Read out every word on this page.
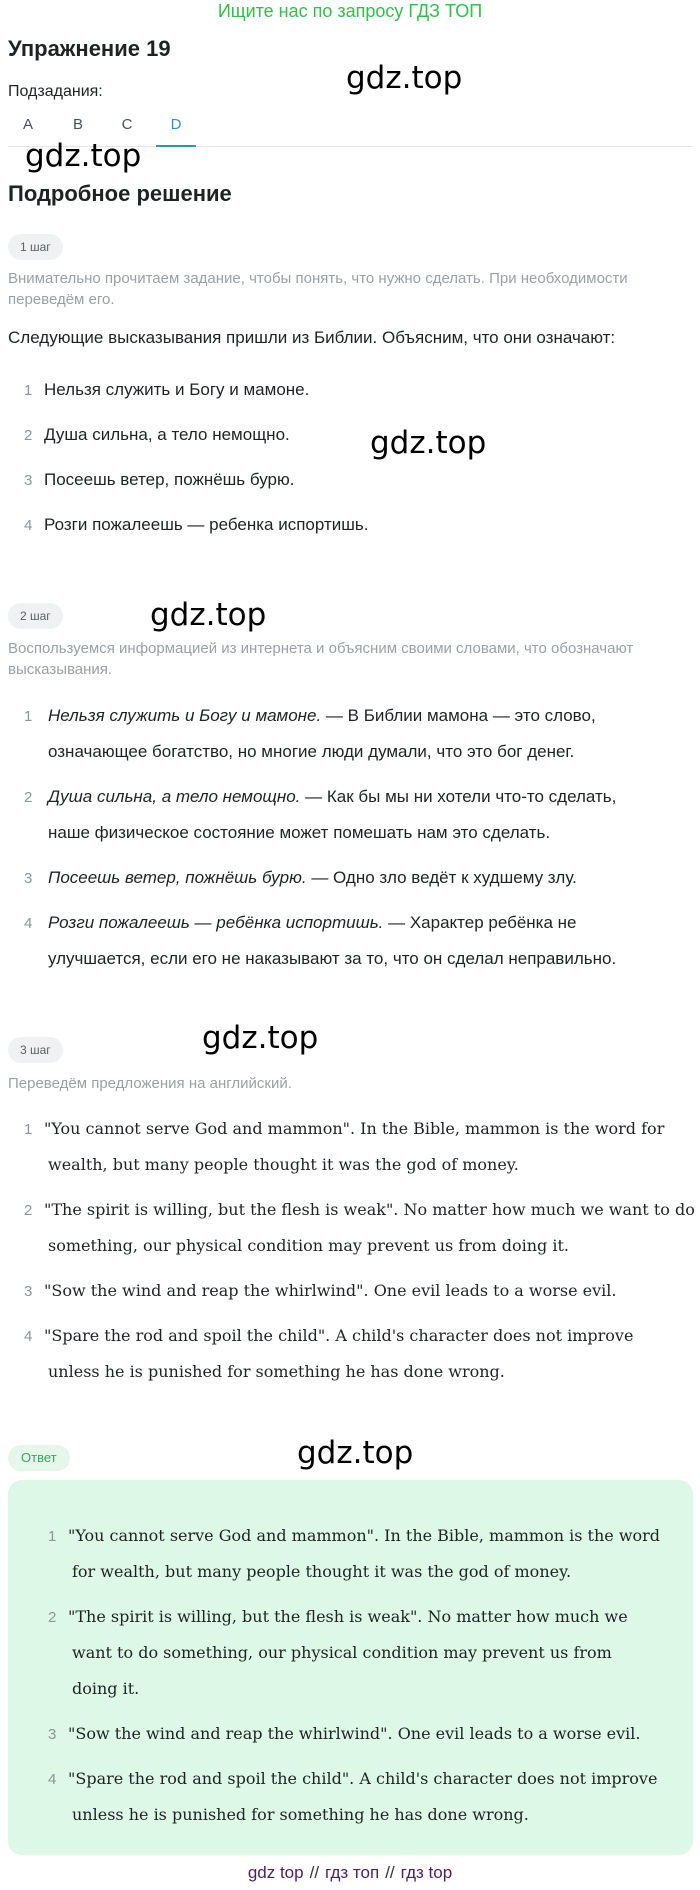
Ищите нас по запросу ГДЗ ТОП
Упражнение 19
Подзадания:
A	B	C	D
gdz.top
gdz.top
gdz.top
gdz.top
gdz.top
gdz.top
Подробное решение
1 шаг
Внимательно прочитаем задание, чтобы понять, что нужно сделать. При необходимости переведём его.
Следующие высказывания пришли из Библии. Объясним, что они означают:
1 Нельзя служить и Богу и мамоне.
2 Душа сильна, а тело немощно.
3 Посеешь ветер, пожнёшь бурю.
4 Розги пожалеешь — ребенка испортишь.
2 шаг
Воспользуемся информацией из интернета и объясним своими словами, что обозначают высказывания.
1 Нельзя служить и Богу и мамоне. — В Библии мамона — это слово,
означающее богатство, но многие люди думали, что это бог денег.
2 Душа сильна, а тело немощно. — Как бы мы ни хотели что-то сделать,
наше физическое состояние может помешать нам это сделать.
3 Посеешь ветер, пожнёшь бурю. — Одно зло ведёт к худшему злу.
4 Розги пожалеешь — ребёнка испортишь. — Характер ребёнка не
улучшается, если его не наказывают за то, что он сделал неправильно.
3 шаг
Переведём предложения на английский.
1 "You cannot serve God and mammon". In the Bible, mammon is the word for
wealth, but many people thought it was the god of money.
2 "The spirit is willing, but the flesh is weak". No matter how much we want to do
something, our physical condition may prevent us from doing it.
3 "Sow the wind and reap the whirlwind". One evil leads to a worse evil.
4 "Spare the rod and spoil the child". A child's character does not improve
unless he is punished for something he has done wrong.
Ответ
1 "You cannot serve God and mammon". In the Bible, mammon is the word
for wealth, but many people thought it was the god of money.
2 "The spirit is willing, but the flesh is weak". No matter how much we
want to do something, our physical condition may prevent us from
doing it.
3 "Sow the wind and reap the whirlwind". One evil leads to a worse evil.
4 "Spare the rod and spoil the child". A child's character does not improve
unless he is punished for something he has done wrong.
gdz top // гдз топ // гдз top
